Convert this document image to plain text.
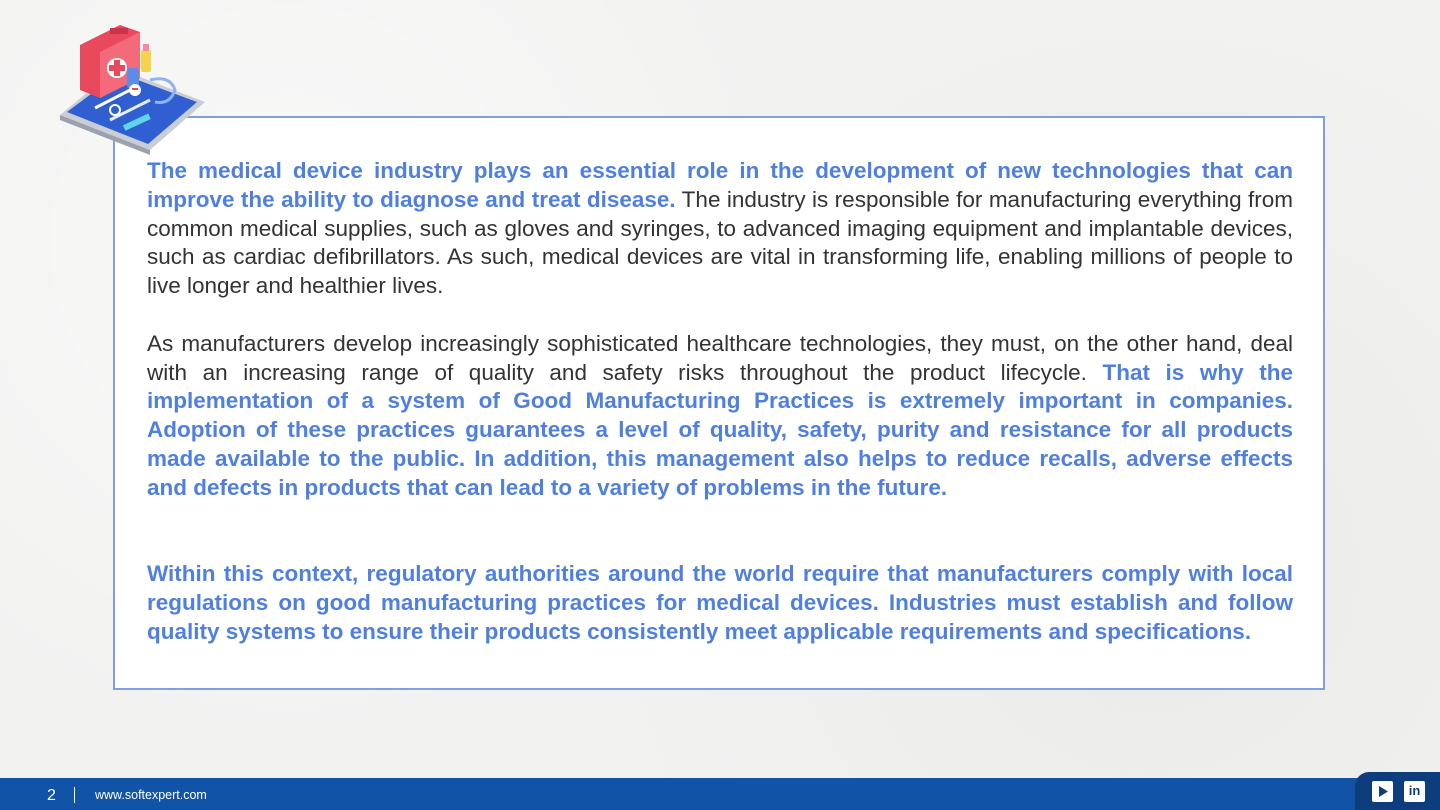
The medical device industry plays an essential role in the development of new technologies that can improve the ability to diagnose and treat disease. The industry is responsible for manufacturing everything from common medical supplies, such as gloves and syringes, to advanced imaging equipment and implantable devices, such as cardiac defibrillators. As such, medical devices are vital in transforming life, enabling millions of people to live longer and healthier lives.

As manufacturers develop increasingly sophisticated healthcare technologies, they must, on the other hand, deal with an increasing range of quality and safety risks throughout the product lifecycle. That is why the implementation of a system of Good Manufacturing Practices is extremely important in companies. Adoption of these practices guarantees a level of quality, safety, purity and resistance for all products made available to the public. In addition, this management also helps to reduce recalls, adverse effects and defects in products that can lead to a variety of problems in the future.

Within this context, regulatory authorities around the world require that manufacturers comply with local regulations on good manufacturing practices for medical devices. Industries must establish and follow quality systems to ensure their products consistently meet applicable requirements and specifications.

2	www.softexpert.com	in
